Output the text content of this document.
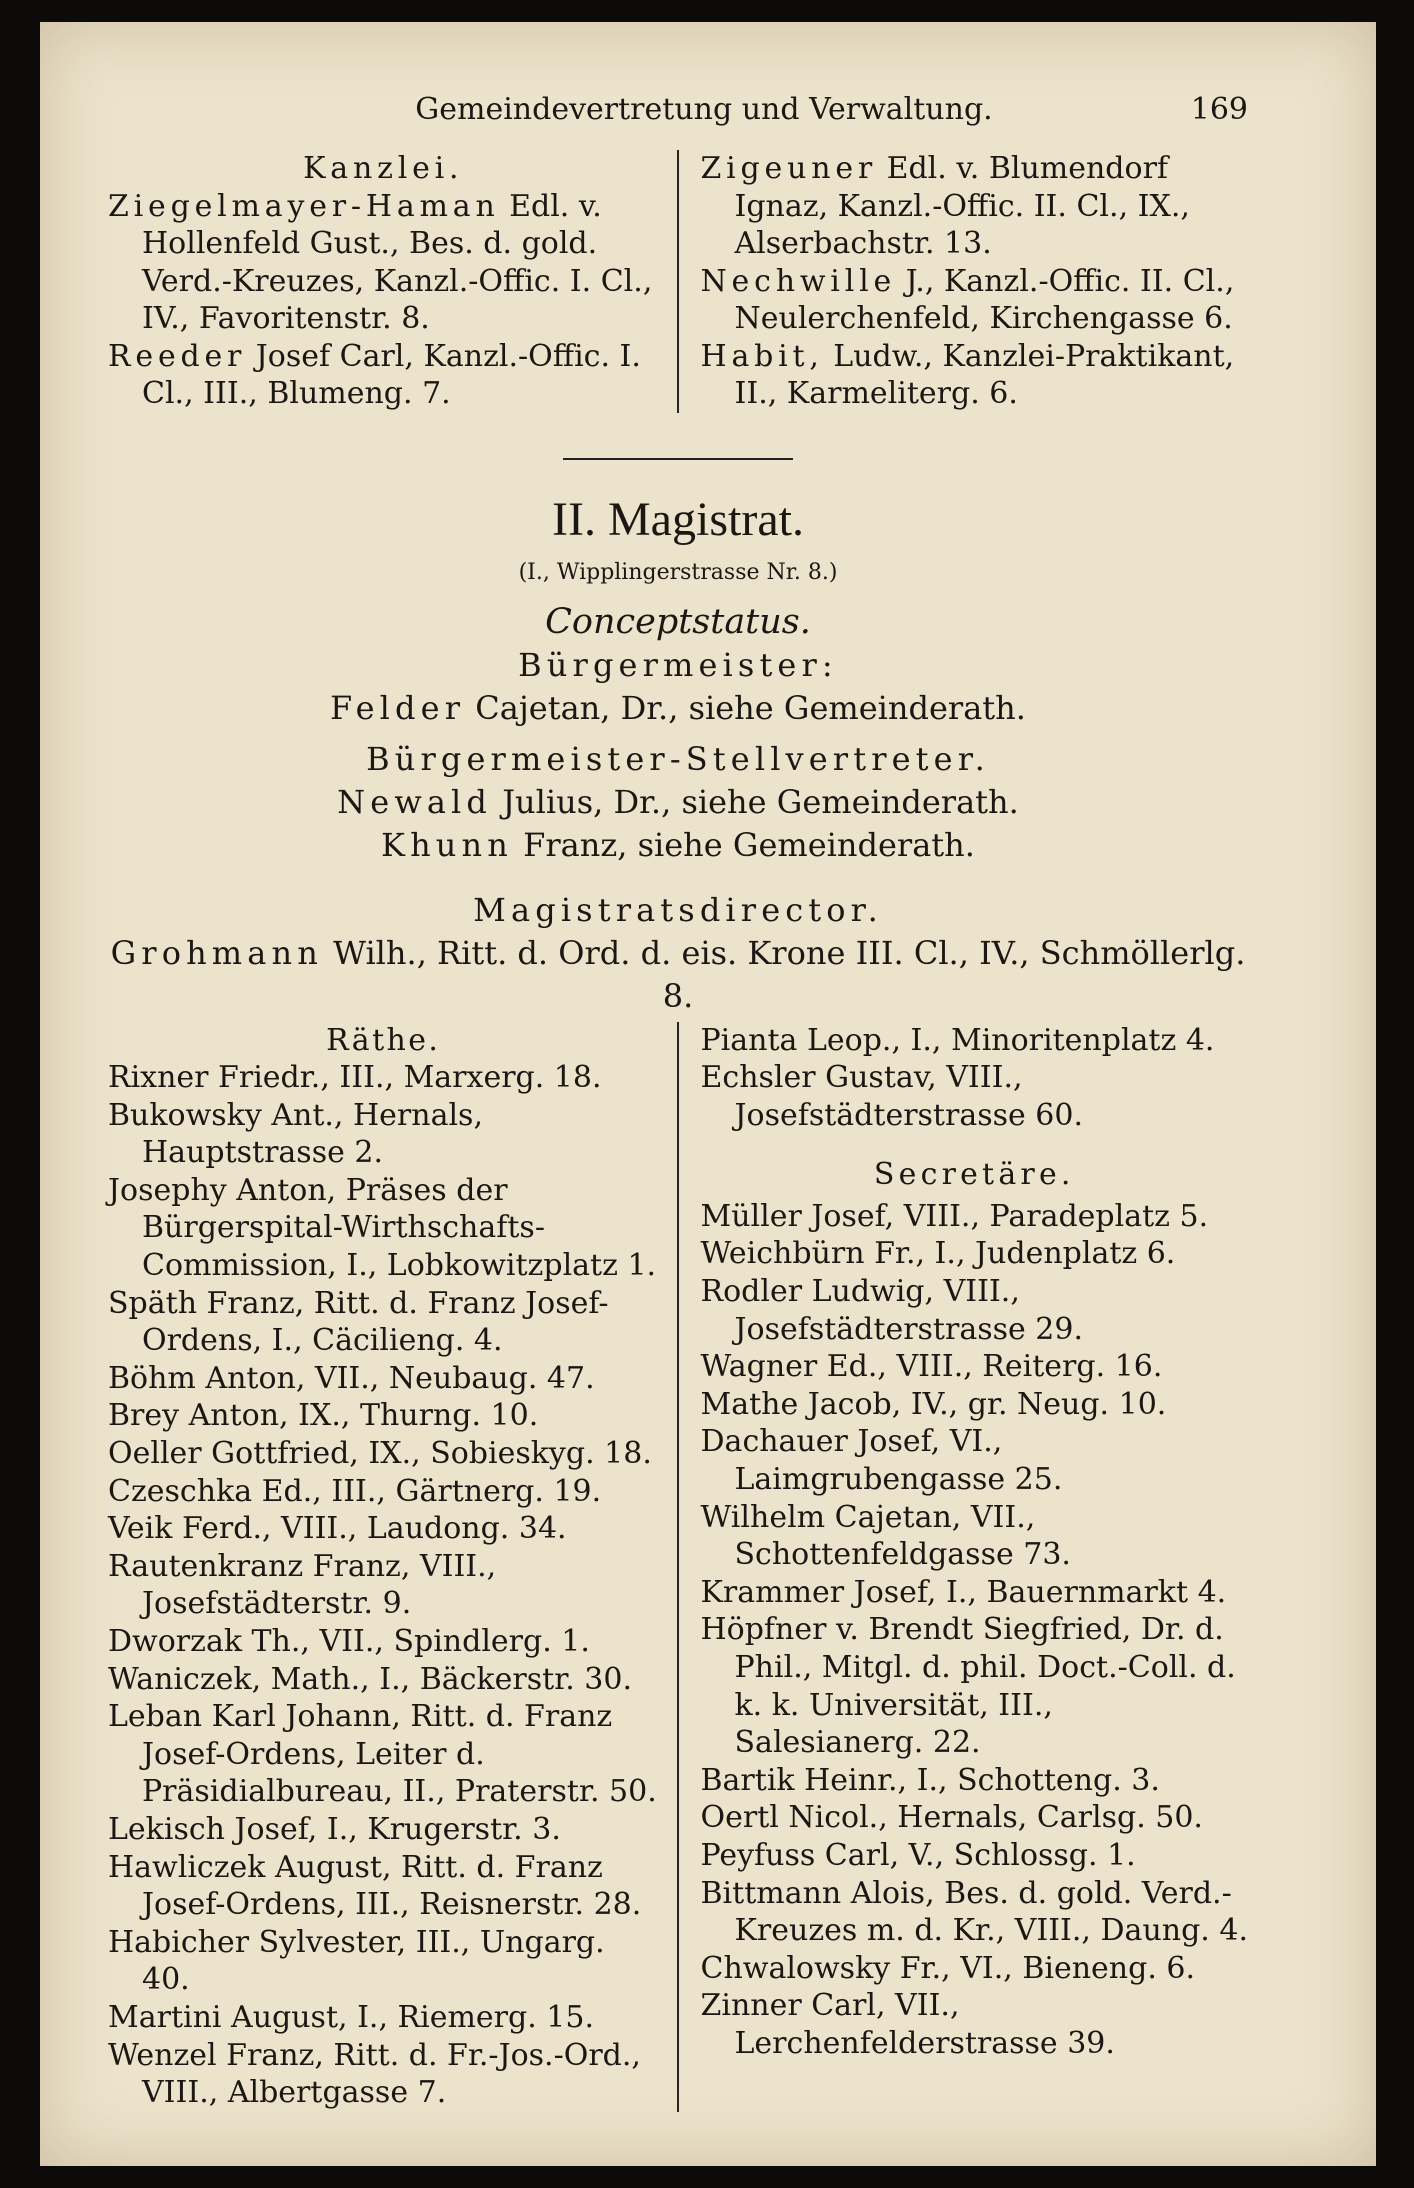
Gemeindevertretung und Verwaltung.	169
Kanzlei.
Ziegelmayer-Haman Edl. v. Hollenfeld Gust., Bes. d. gold. Verd.-Kreuzes, Kanzl.-Offic. I. Cl., IV., Favoritenstr. 8.
Reeder Josef Carl, Kanzl.-Offic. I. Cl., III., Blumeng. 7.
Zigeuner Edl. v. Blumendorf Ignaz, Kanzl.-Offic. II. Cl., IX., Alserbachstr. 13.
Nechwille J., Kanzl.-Offic. II. Cl., Neulerchenfeld, Kirchengasse 6.
Habit, Ludw., Kanzlei-Praktikant, II., Karmeliterg. 6.
II. Magistrat.
(I., Wipplingerstrasse Nr. 8.)
Conceptstatus.
Bürgermeister:
Felder Cajetan, Dr., siehe Gemeinderath.
Bürgermeister-Stellvertreter.
Newald Julius, Dr., siehe Gemeinderath.
Khunn Franz, siehe Gemeinderath.
Magistratsdirector.
Grohmann Wilh., Ritt. d. Ord. d. eis. Krone III. Cl., IV., Schmöllerlg. 8.
Räthe.
Rixner Friedr., III., Marxerg. 18.
Bukowsky Ant., Hernals, Hauptstrasse 2.
Josephy Anton, Präses der Bürgerspital-Wirthschafts-Commission, I., Lobkowitzplatz 1.
Späth Franz, Ritt. d. Franz Josef-Ordens, I., Cäcilieng. 4.
Böhm Anton, VII., Neubaug. 47.
Brey Anton, IX., Thurng. 10.
Oeller Gottfried, IX., Sobieskyg. 18.
Czeschka Ed., III., Gärtnerg. 19.
Veik Ferd., VIII., Laudong. 34.
Rautenkranz Franz, VIII., Josefstädterstr. 9.
Dworzak Th., VII., Spindlerg. 1.
Waniczek, Math., I., Bäckerstr. 30.
Leban Karl Johann, Ritt. d. Franz Josef-Ordens, Leiter d. Präsidialbureau, II., Praterstr. 50.
Lekisch Josef, I., Krugerstr. 3.
Hawliczek August, Ritt. d. Franz Josef-Ordens, III., Reisnerstr. 28.
Habicher Sylvester, III., Ungarg. 40.
Martini August, I., Riemerg. 15.
Wenzel Franz, Ritt. d. Fr.-Jos.-Ord., VIII., Albertgasse 7.
Pianta Leop., I., Minoritenplatz 4.
Echsler Gustav, VIII., Josefstädterstrasse 60.
Secretäre.
Müller Josef, VIII., Paradeplatz 5.
Weichbürn Fr., I., Judenplatz 6.
Rodler Ludwig, VIII., Josefstädterstrasse 29.
Wagner Ed., VIII., Reiterg. 16.
Mathe Jacob, IV., gr. Neug. 10.
Dachauer Josef, VI., Laimgrubengasse 25.
Wilhelm Cajetan, VII., Schottenfeldgasse 73.
Krammer Josef, I., Bauernmarkt 4.
Höpfner v. Brendt Siegfried, Dr. d. Phil., Mitgl. d. phil. Doct.-Coll. d. k. k. Universität, III., Salesianerg. 22.
Bartik Heinr., I., Schotteng. 3.
Oertl Nicol., Hernals, Carlsg. 50.
Peyfuss Carl, V., Schlossg. 1.
Bittmann Alois, Bes. d. gold. Verd.-Kreuzes m. d. Kr., VIII., Daung. 4.
Chwalowsky Fr., VI., Bieneng. 6.
Zinner Carl, VII., Lerchenfelderstrasse 39.
